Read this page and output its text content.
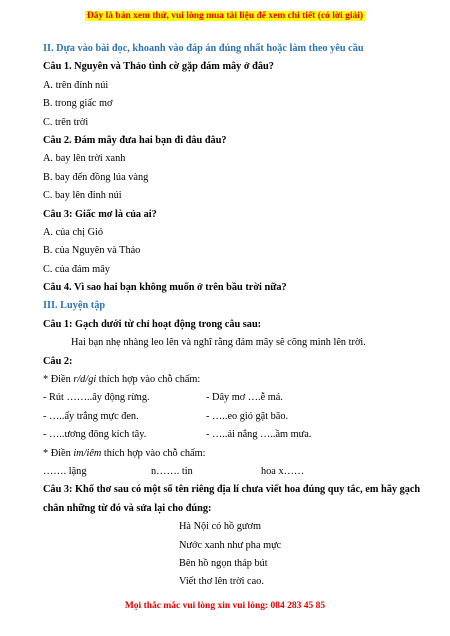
Đây là bản xem thử, vui lòng mua tài liệu để xem chi tiết (có lời giải)
II. Dựa vào bài đọc, khoanh vào đáp án đúng nhất hoặc làm theo yêu cầu
Câu 1. Nguyên và Thảo tình cờ gặp đám mây ở đâu?
A. trên đỉnh núi
B. trong giấc mơ
C. trên trời
Câu 2. Đám mây đưa hai bạn đi đâu đâu?
A. bay lên trời xanh
B. bay đến đồng lúa vàng
C. bay lên đỉnh núi
Câu 3: Giấc mơ là của ai?
A. của chị Gió
B. của Nguyên và Thảo
C. của đám mây
Câu 4. Vì sao hai bạn không muốn ở trên bầu trời nữa?
III. Luyện tập
Câu 1: Gạch dưới từ chỉ hoạt động trong câu sau:
Hai bạn nhẹ nhàng leo lên và nghĩ rằng đám mây sẽ cõng mình lên trời.
Câu 2:
* Điền r/d/gi thích hợp vào chỗ chấm:
- Rút ……..ây động rừng.	- Dây mơ ….ễ má.
- …..ấy trắng mực đen.	- …..eo gió gặt bão.
- …..ương đông kích tây.	- …..ải nắng …..ầm mưa.
* Điền im/iêm thích hợp vào chỗ chấm:
……. lặng	n……. tin	hoa x……
Câu 3: Khổ thơ sau có một số tên riêng địa lí chưa viết hoa đúng quy tắc, em hãy gạch chân những từ đó và sửa lại cho đúng:
Hà Nội có hồ gươm
Nước xanh như pha mực
Bên hồ ngọn tháp bút
Viết thơ lên trời cao.
Mọi thắc mắc vui lòng xin vui lòng: 084 283 45 85
